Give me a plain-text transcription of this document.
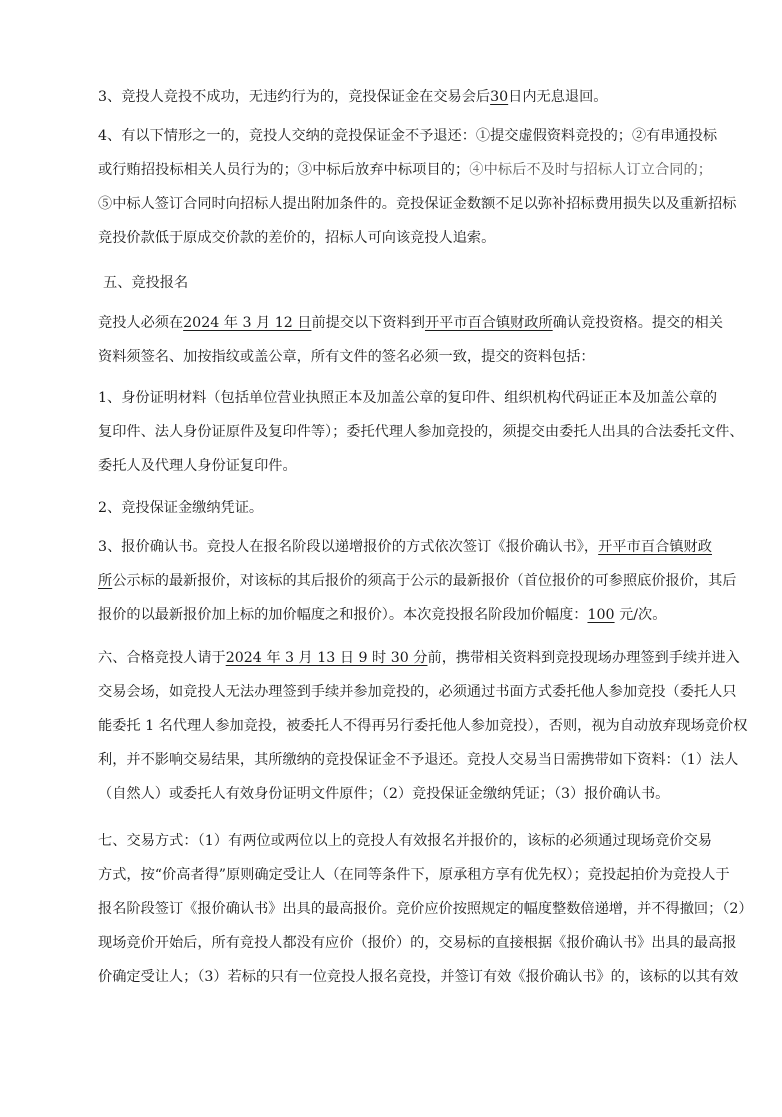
3、竞投人竞投不成功，无违约行为的，竞投保证金在交易会后30日内无息退回。

4、有以下情形之一的，竞投人交纳的竞投保证金不予退还：①提交虚假资料竞投的；②有串通投标
或行贿招投标相关人员行为的；③中标后放弃中标项目的；④中标后不及时与招标人订立合同的；
⑤中标人签订合同时向招标人提出附加条件的。竞投保证金数额不足以弥补招标费用损失以及重新招标
竞投价款低于原成交价款的差价的，招标人可向该竞投人追索。

五、竞投报名

竞投人必须在2024 年 3 月 12 日前提交以下资料到开平市百合镇财政所确认竞投资格。提交的相关
资料须签名、加按指纹或盖公章，所有文件的签名必须一致，提交的资料包括：

1、身份证明材料（包括单位营业执照正本及加盖公章的复印件、组织机构代码证正本及加盖公章的
复印件、法人身份证原件及复印件等）；委托代理人参加竞投的，须提交由委托人出具的合法委托文件、
委托人及代理人身份证复印件。

2、竞投保证金缴纳凭证。

3、报价确认书。竞投人在报名阶段以递增报价的方式依次签订《报价确认书》，开平市百合镇财政
所公示标的最新报价，对该标的其后报价的须高于公示的最新报价（首位报价的可参照底价报价，其后
报价的以最新报价加上标的加价幅度之和报价）。本次竞投报名阶段加价幅度：100 元/次。

六、合格竞投人请于2024 年 3 月 13 日 9 时 30 分前，携带相关资料到竞投现场办理签到手续并进入
交易会场，如竞投人无法办理签到手续并参加竞投的，必须通过书面方式委托他人参加竞投（委托人只
能委托 1 名代理人参加竞投，被委托人不得再另行委托他人参加竞投），否则，视为自动放弃现场竞价权
利，并不影响交易结果，其所缴纳的竞投保证金不予退还。竞投人交易当日需携带如下资料：（1）法人
（自然人）或委托人有效身份证明文件原件；（2）竞投保证金缴纳凭证；（3）报价确认书。

七、交易方式：（1）有两位或两位以上的竞投人有效报名并报价的，该标的必须通过现场竞价交易
方式，按“价高者得”原则确定受让人（在同等条件下，原承租方享有优先权）；竞投起拍价为竞投人于
报名阶段签订《报价确认书》出具的最高报价。竞价应价按照规定的幅度整数倍递增，并不得撤回；（2）
现场竞价开始后，所有竞投人都没有应价（报价）的，交易标的直接根据《报价确认书》出具的最高报
价确定受让人；（3）若标的只有一位竞投人报名竞投，并签订有效《报价确认书》的，该标的以其有效
